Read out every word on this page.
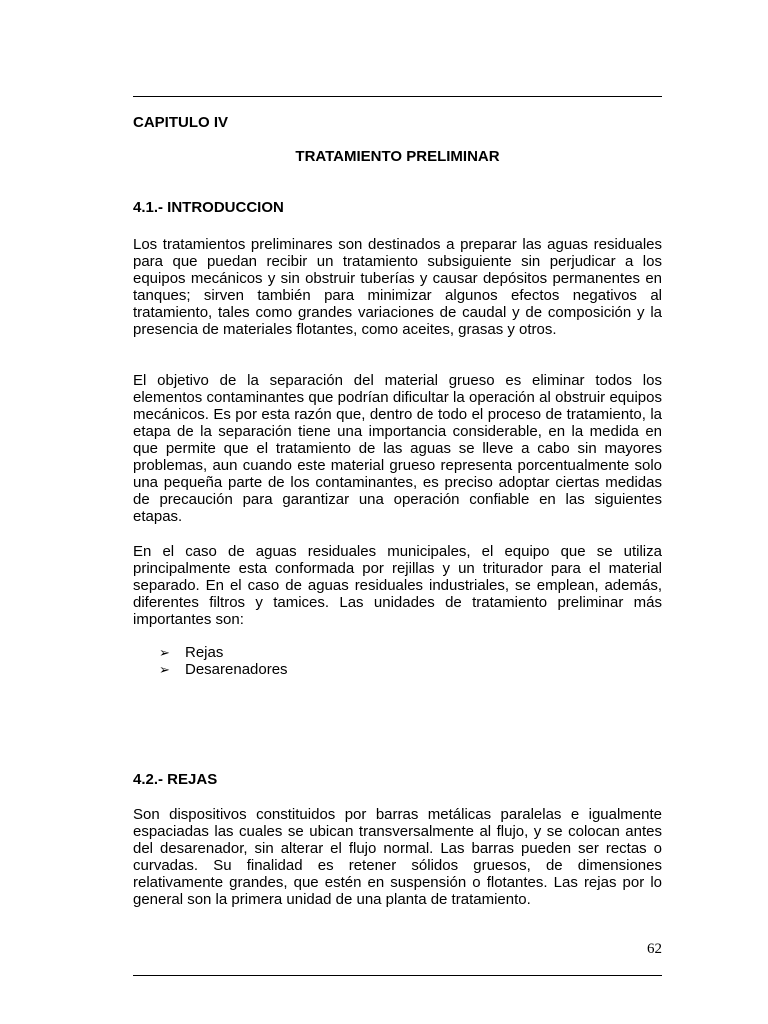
CAPITULO IV
TRATAMIENTO PRELIMINAR
4.1.- INTRODUCCION

Los tratamientos preliminares son destinados a preparar las aguas residuales para que puedan recibir un tratamiento subsiguiente sin perjudicar a los equipos mecánicos y sin obstruir tuberías y causar depósitos permanentes en tanques; sirven también para minimizar algunos efectos negativos al tratamiento, tales como grandes variaciones de caudal y de composición y la presencia de materiales flotantes, como aceites, grasas y otros.

El objetivo de la separación del material grueso es eliminar todos los elementos contaminantes que podrían dificultar la operación al obstruir equipos mecánicos. Es por esta razón que, dentro de todo el proceso de tratamiento, la etapa de la separación tiene una importancia considerable, en la medida en que permite que el tratamiento de las aguas se lleve a cabo sin mayores problemas, aun cuando este material grueso representa porcentualmente solo una pequeña parte de los contaminantes, es preciso adoptar ciertas medidas de precaución para garantizar una operación confiable en las siguientes etapas.

En el caso de aguas residuales municipales, el equipo que se utiliza principalmente esta conformada por rejillas y un triturador para el material separado. En el caso de aguas residuales industriales, se emplean, además, diferentes filtros y tamices. Las unidades de tratamiento preliminar más importantes son:

➢ Rejas
➢ Desarenadores
4.2.- REJAS

Son dispositivos constituidos por barras metálicas paralelas e igualmente espaciadas las cuales se ubican transversalmente al flujo, y se colocan antes del desarenador, sin alterar el flujo normal. Las barras pueden ser rectas o curvadas. Su finalidad es retener sólidos gruesos, de dimensiones relativamente grandes, que estén en suspensión o flotantes. Las rejas por lo general son la primera unidad de una planta de tratamiento.

62
